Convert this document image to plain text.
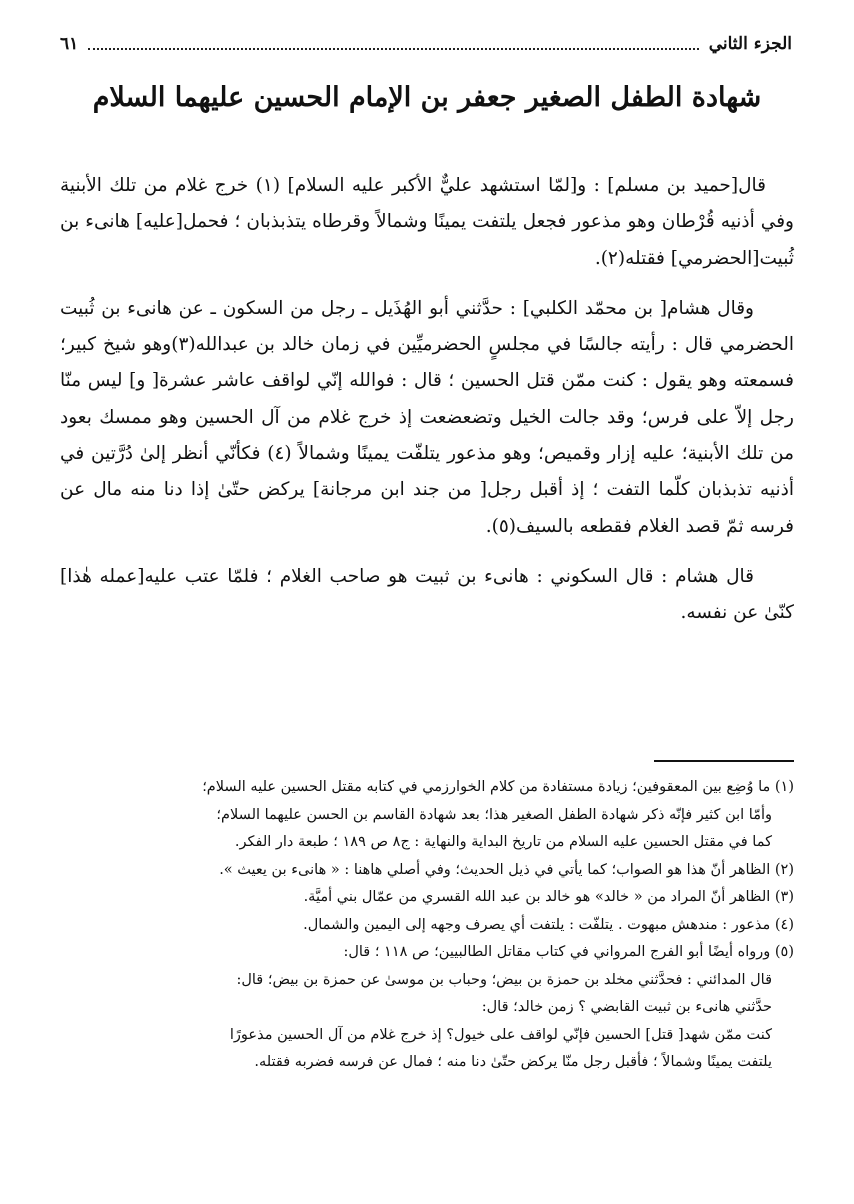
الجزء الثاني
٦١
شهادة الطفل الصغير جعفر بن الإمام الحسين عليهما السلام

قال[حميد بن مسلم] : و[لمّا استشهد عليٌّ الأكبر عليه السلام] (١) خرج غلام من تلك الأبنية وفي أذنيه قُرْطان وهو مذعور فجعل يلتفت يمينًا وشمالاً وقرطاه يتذبذبان ؛ فحمل[عليه] هانىء بن ثُبيت[الحضرمي] فقتله(٢).

وقال هشام[ بن محمّد الكلبي] : حدَّثني أبو الهُذَيل ـ رجل من السكون ـ عن هانىء بن ثُبيت الحضرمي قال : رأيته جالسًا في مجلسٍ الحضرميِّين في زمان خالد بن عبدالله(٣)وهو شيخ كبير؛ فسمعته وهو يقول : كنت ممّن قتل الحسين ؛ قال : فوالله إنّي لواقف عاشر عشرة[ و] ليس منّا رجل إلاّ على فرس؛ وقد جالت الخيل وتضعضعت إذ خرج غلام من آل الحسين وهو ممسك بعود من تلك الأبنية؛ عليه إزار وقميص؛ وهو مذعور يتلفّت يمينًا وشمالاً (٤) فكأنّي أنظر إلىٰ دُرَّتين في أذنيه تذبذبان كلّما التفت ؛ إذ أقبل رجل[ من جند ابن مرجانة] يركض حتّىٰ إذا دنا منه مال عن فرسه ثمّ قصد الغلام فقطعه بالسيف(٥).

قال هشام : قال السكوني : هانىء بن ثبيت هو صاحب الغلام ؛ فلمّا عتب عليه[عمله هٰذا] كنّىٰ عن نفسه.

(١) ما وُضِع بين المعقوفين؛ زيادة مستفادة من كلام الخوارزمي في كتابه مقتل الحسين عليه السلام؛
وأمّا ابن كثير فإنّه ذكر شهادة الطفل الصغير هذا؛ بعد شهادة القاسم بن الحسن عليهما السلام؛
كما في مقتل الحسين عليه السلام من تاريخ البداية والنهاية : ج٨ ص ١٨٩ ؛ طبعة دار الفكر.
(٢) الظاهر أنّ هذا هو الصواب؛ كما يأتي في ذيل الحديث؛ وفي أصلي هاهنا : « هانىء بن يعيث ».
(٣) الظاهر أنّ المراد من « خالد» هو خالد بن عبد الله القسري من عمّال بني أميَّة.
(٤) مذعور : مندهش مبهوت . يتلفّت : يلتفت أي يصرف وجهه إلى اليمين والشمال.
(٥) ورواه أيضًا أبو الفرج المرواني في كتاب مقاتل الطالبيين؛ ص ١١٨ ؛ قال:
قال المدائني : فحدَّثني مخلد بن حمزة بن بيض؛ وحباب بن موسىٰ عن حمزة بن بيض؛ قال:
حدَّثني هانىء بن ثبيت القابضي ؟ زمن خالد؛ قال:
كنت ممّن شهد[ قتل] الحسين فإنّي لواقف على خيول؟ إذ خرج غلام من آل الحسين مذعورًا
يلتفت يمينًا وشمالاً ؛ فأقبل رجل منّا يركض حتّىٰ دنا منه ؛ فمال عن فرسه فضربه فقتله.
